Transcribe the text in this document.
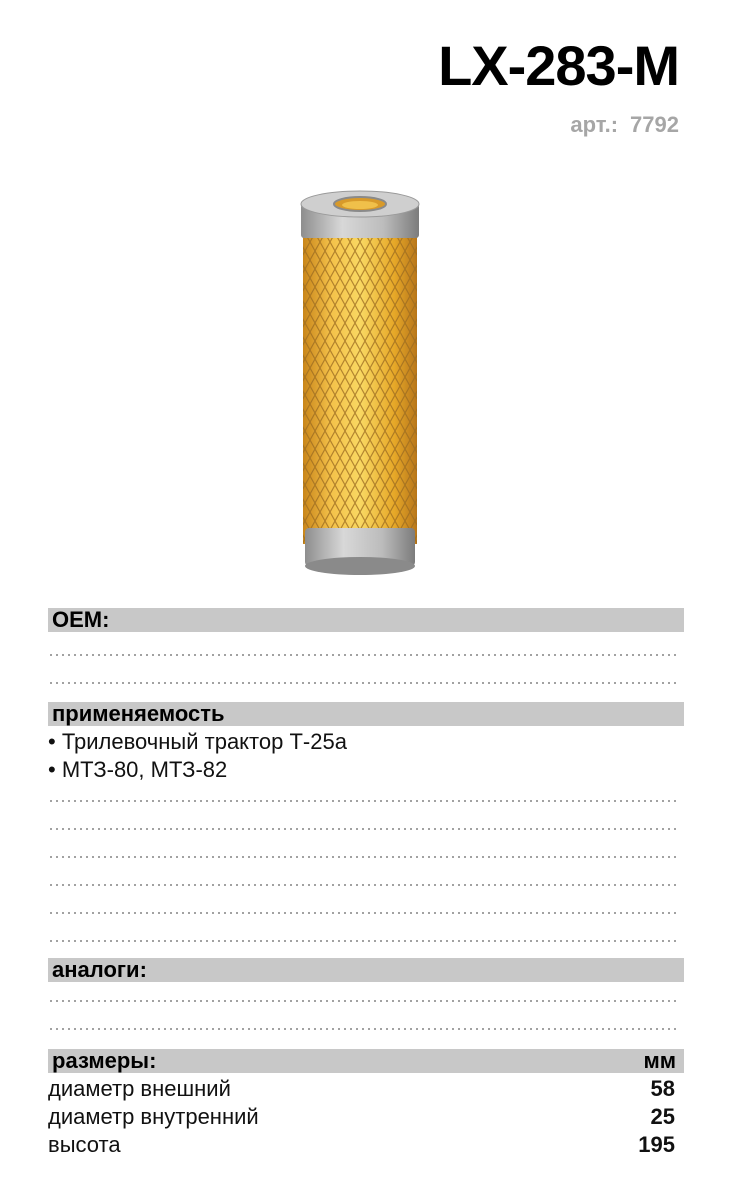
LX-283-M
арт.: 7792
OEM:
применяемость
• Трилевочный трактор Т-25а
• МТЗ-80, МТЗ-82
аналоги:
размеры:	мм
диаметр внешний	58
диаметр внутренний	25
высота	195
